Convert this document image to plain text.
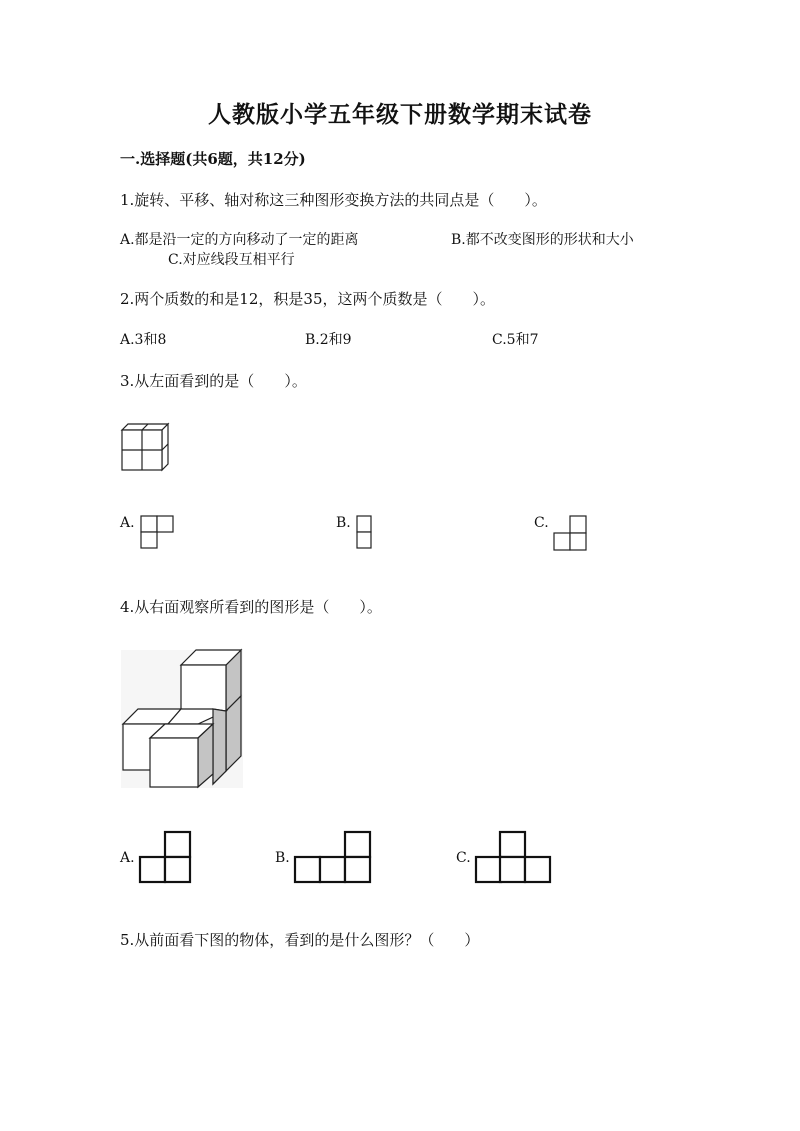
人教版小学五年级下册数学期末试卷
一.选择题(共6题，共12分)
1.旋转、平移、轴对称这三种图形变换方法的共同点是（　　）。
A.都是沿一定的方向移动了一定的距离	B.都不改变图形的形状和大小
C.对应线段互相平行
2.两个质数的和是12，积是35，这两个质数是（　　）。
A.3和8	B.2和9	C.5和7
3.从左面看到的是（　　）。
A.	B.	C.
4.从右面观察所看到的图形是（　　）。
A.	B.	C.
5.从前面看下图的物体，看到的是什么图形？（　　）
